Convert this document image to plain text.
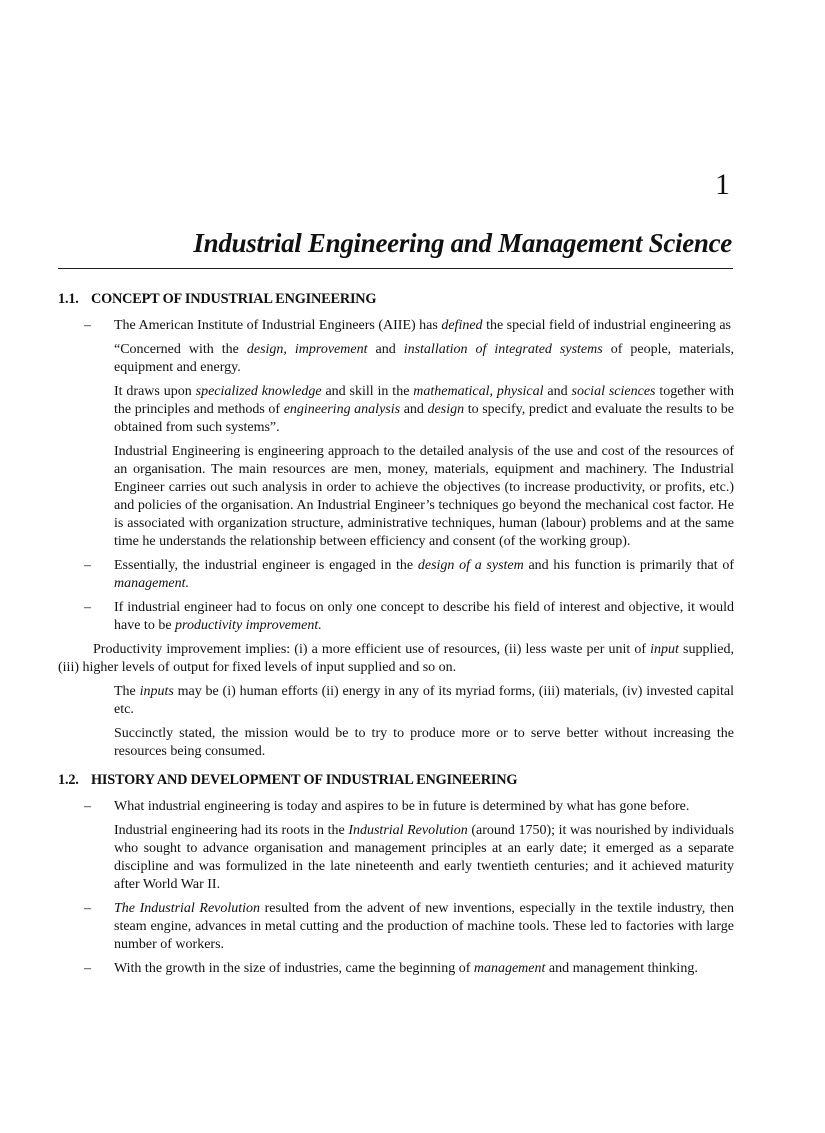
1
Industrial Engineering and Management Science
1.1. CONCEPT OF INDUSTRIAL ENGINEERING
– The American Institute of Industrial Engineers (AIIE) has defined the special field of industrial engineering as
“Concerned with the design, improvement and installation of integrated systems of people, materials, equipment and energy.
It draws upon specialized knowledge and skill in the mathematical, physical and social sciences together with the principles and methods of engineering analysis and design to specify, predict and evaluate the results to be obtained from such systems”.
Industrial Engineering is engineering approach to the detailed analysis of the use and cost of the resources of an organisation. The main resources are men, money, materials, equipment and machinery. The Industrial Engineer carries out such analysis in order to achieve the objectives (to increase productivity, or profits, etc.) and policies of the organisation. An Industrial Engineer’s techniques go beyond the mechanical cost factor. He is associated with organization structure, administrative techniques, human (labour) problems and at the same time he understands the relationship between efficiency and consent (of the working group).
– Essentially, the industrial engineer is engaged in the design of a system and his function is primarily that of management.
– If industrial engineer had to focus on only one concept to describe his field of interest and objective, it would have to be productivity improvement.
Productivity improvement implies: (i) a more efficient use of resources, (ii) less waste per unit of input supplied, (iii) higher levels of output for fixed levels of input supplied and so on.
The inputs may be (i) human efforts (ii) energy in any of its myriad forms, (iii) materials, (iv) invested capital etc.
Succinctly stated, the mission would be to try to produce more or to serve better without increasing the resources being consumed.
1.2. HISTORY AND DEVELOPMENT OF INDUSTRIAL ENGINEERING
– What industrial engineering is today and aspires to be in future is determined by what has gone before.
Industrial engineering had its roots in the Industrial Revolution (around 1750); it was nourished by individuals who sought to advance organisation and management principles at an early date; it emerged as a separate discipline and was formulized in the late nineteenth and early twentieth centuries; and it achieved maturity after World War II.
– The Industrial Revolution resulted from the advent of new inventions, especially in the textile industry, then steam engine, advances in metal cutting and the production of machine tools. These led to factories with large number of workers.
– With the growth in the size of industries, came the beginning of management and management thinking.
